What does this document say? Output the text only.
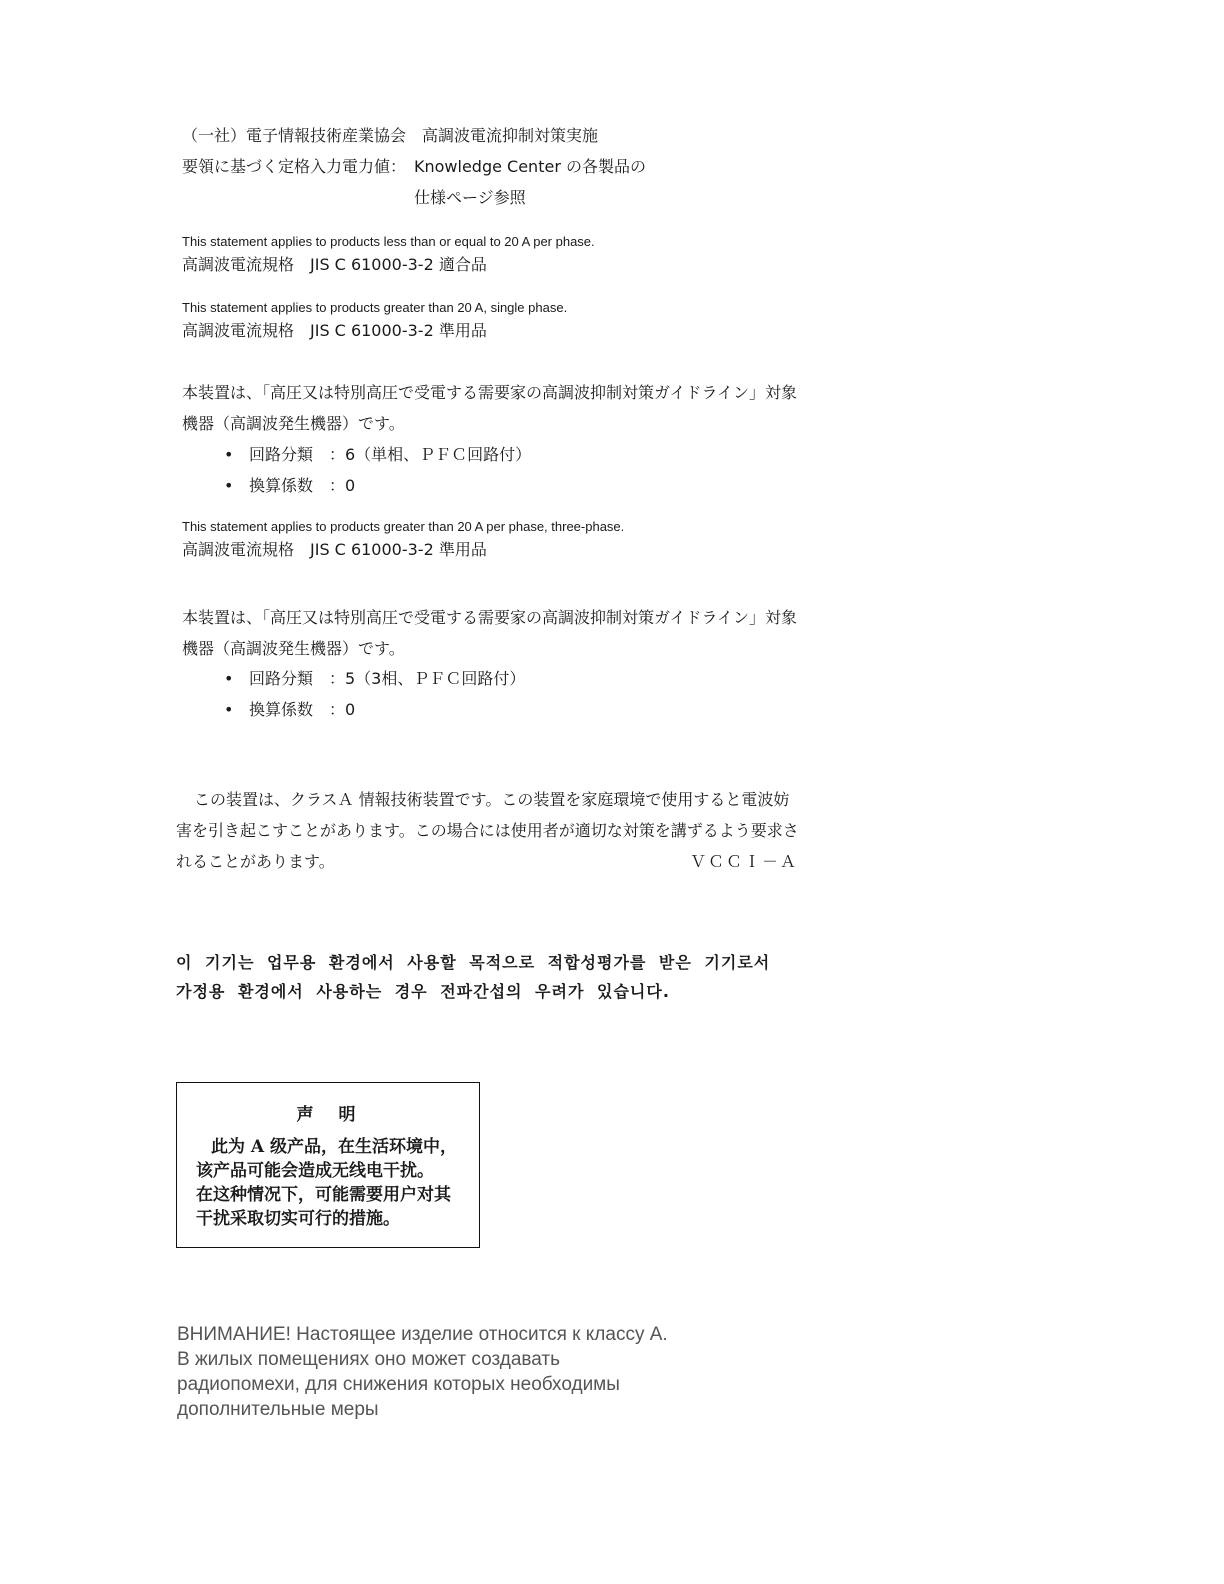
（一社）電子情報技術産業協会　高調波電流抑制対策実施
要領に基づく定格入力電力値： Knowledge Center の各製品の
仕様ページ参照
This statement applies to products less than or equal to 20 A per phase.
高調波電流規格　JIS C 61000-3-2 適合品
This statement applies to products greater than 20 A, single phase.
高調波電流規格　JIS C 61000-3-2 準用品
本装置は、「高圧又は特別高圧で受電する需要家の高調波抑制対策ガイドライン」対象
機器（高調波発生機器）です。
• 回路分類　：6（単相、ＰＦＣ回路付）
• 換算係数　：0
This statement applies to products greater than 20 A per phase, three-phase.
高調波電流規格　JIS C 61000-3-2 準用品
本装置は、「高圧又は特別高圧で受電する需要家の高調波抑制対策ガイドライン」対象
機器（高調波発生機器）です。
• 回路分類　：5（3相、ＰＦＣ回路付）
• 換算係数　：0
この装置は、クラスＡ 情報技術装置です。この装置を家庭環境で使用すると電波妨
害を引き起こすことがあります。この場合には使用者が適切な対策を講ずるよう要求さ
れることがあります。	ＶＣＣＩ－Ａ
이 기기는 업무용 환경에서 사용할 목적으로 적합성평가를 받은 기기로서
가정용 환경에서 사용하는 경우 전파간섭의 우려가 있습니다.
声　明
此为 A 级产品，在生活环境中，
该产品可能会造成无线电干扰。
在这种情况下，可能需要用户对其
干扰采取切实可行的措施。
ВНИМАНИЕ! Настоящее изделие относится к классу А.
В жилых помещениях оно может создавать
радиопомехи, для снижения которых необходимы
дополнительные меры
